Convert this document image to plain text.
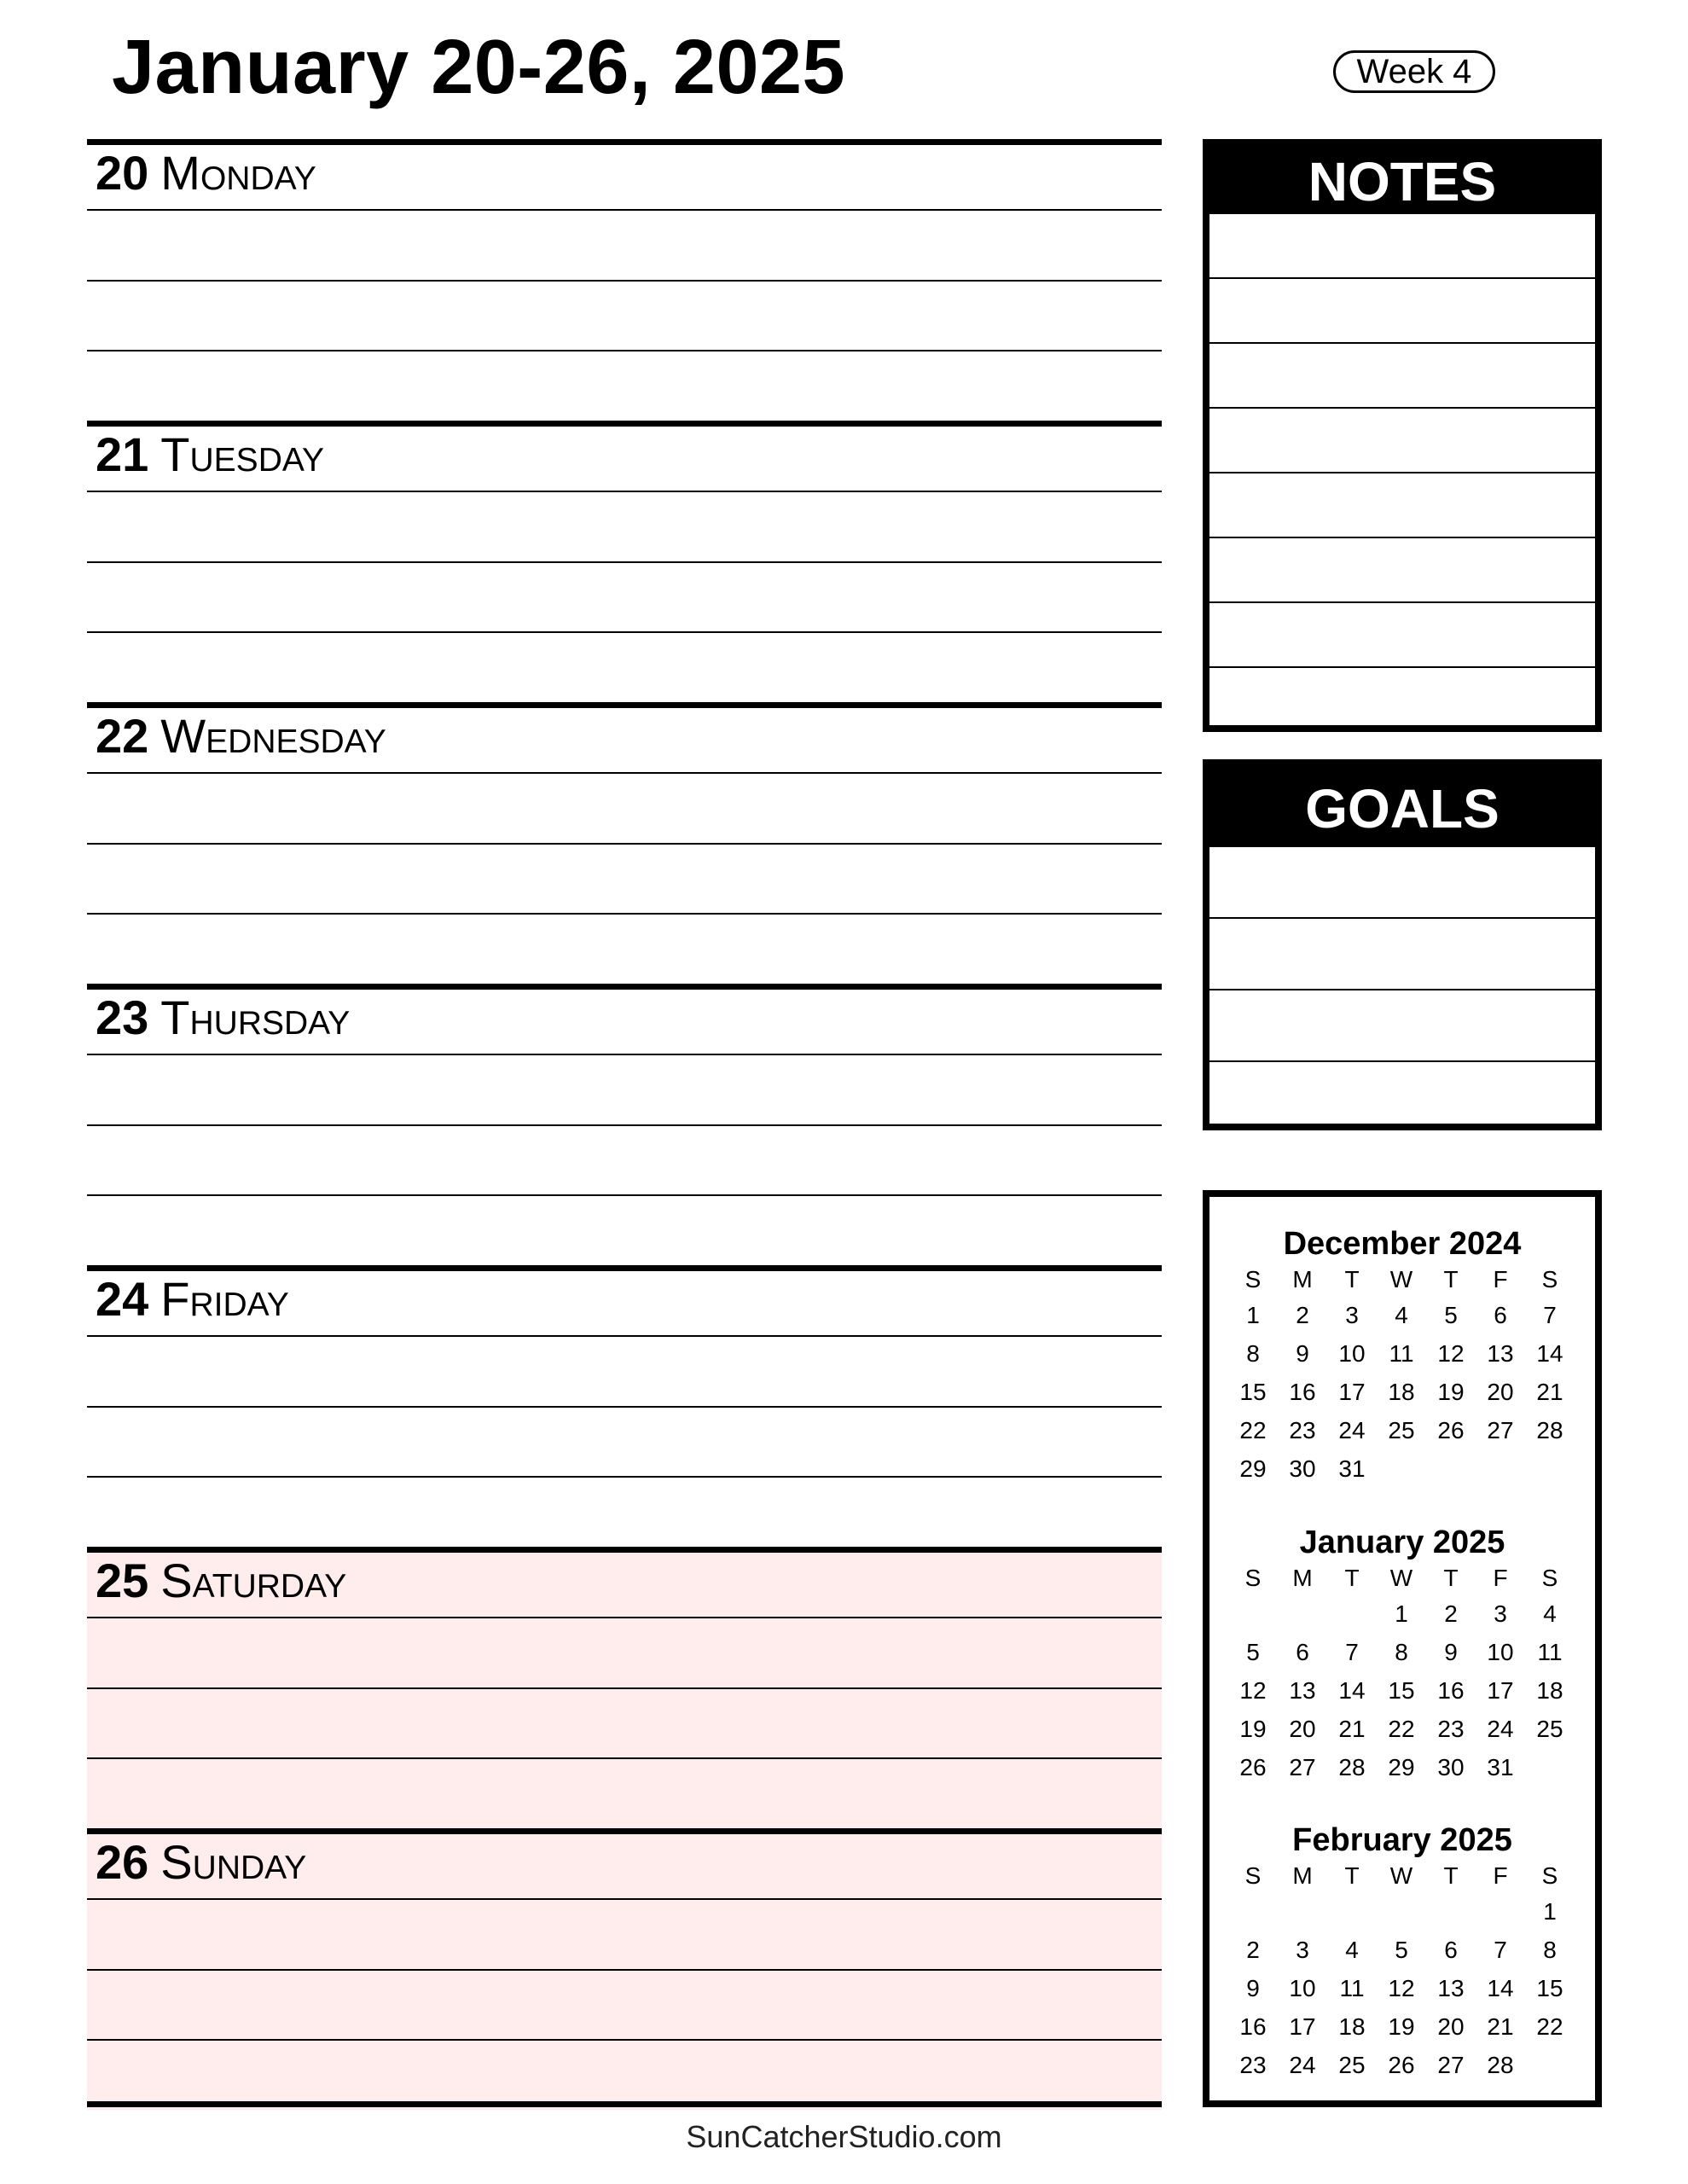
January 20-26, 2025	Week 4
20 Monday
21 Tuesday
22 Wednesday
23 Thursday
24 Friday
25 Saturday
26 Sunday
NOTES
GOALS
December 2024
S	M	T	W	T	F	S
1	2	3	4	5	6	7
8	9	10	11	12	13	14
15	16	17	18	19	20	21
22	23	24	25	26	27	28
29	30	31				
January 2025
S	M	T	W	T	F	S
			1	2	3	4
5	6	7	8	9	10	11
12	13	14	15	16	17	18
19	20	21	22	23	24	25
26	27	28	29	30	31	
February 2025
S	M	T	W	T	F	S
						1
2	3	4	5	6	7	8
9	10	11	12	13	14	15
16	17	18	19	20	21	22
23	24	25	26	27	28	
SunCatcherStudio.com
